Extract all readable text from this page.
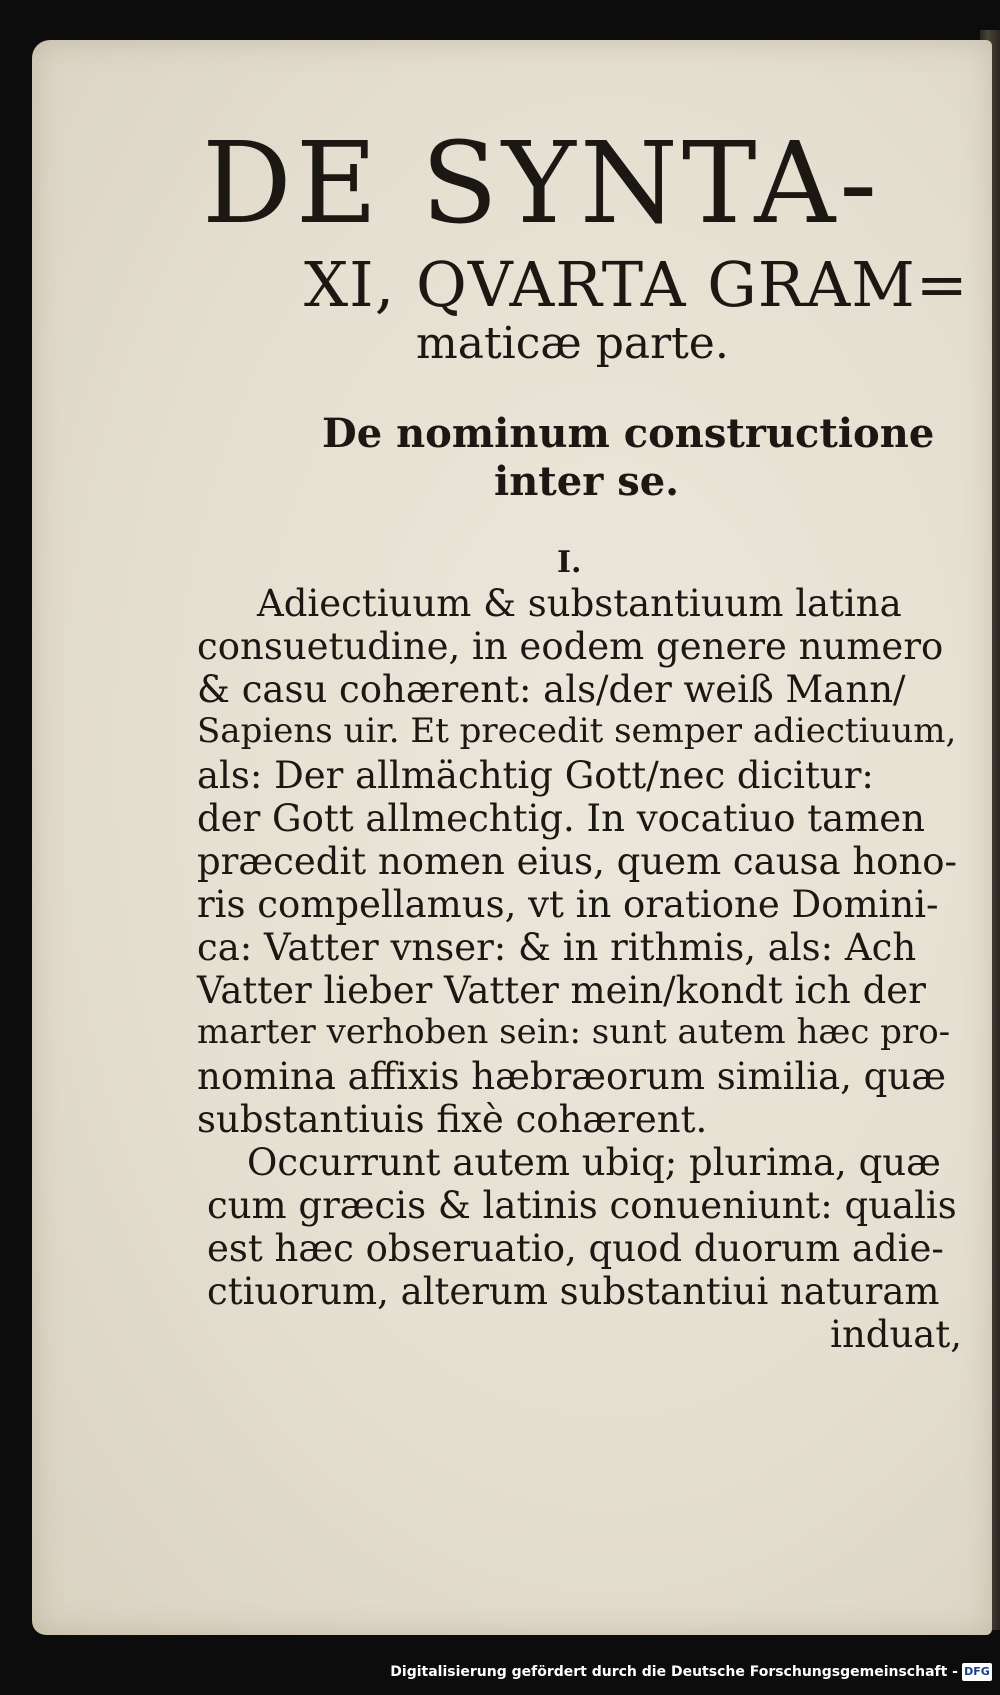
DE SYNTA-
XI, QVARTA GRAM=
maticæ parte.
De nominum constructione
inter se.
I.
Adiectiuum & substantiuum latina
consuetudine, in eodem genere numero
& casu cohærent: als/der weiß Mann/
Sapiens uir. Et precedit semper adiectiuum,
als: Der allmächtig Gott/nec dicitur:
der Gott allmechtig. In vocatiuo tamen
præcedit nomen eius, quem causa hono-
ris compellamus, vt in oratione Domini-
ca: Vatter vnser: & in rithmis, als: Ach
Vatter lieber Vatter mein/kondt ich der
marter verhoben sein: sunt autem hæc pro-
nomina affixis hæbræorum similia, quæ
substantiuis fixè cohærent.
Occurrunt autem ubiq; plurima, quæ
cum græcis & latinis conueniunt: qualis
est hæc obseruatio, quod duorum adie-
ctiuorum, alterum substantiui naturam
induat,
Digitalisierung gefördert durch die Deutsche Forschungsgemeinschaft - DFG
